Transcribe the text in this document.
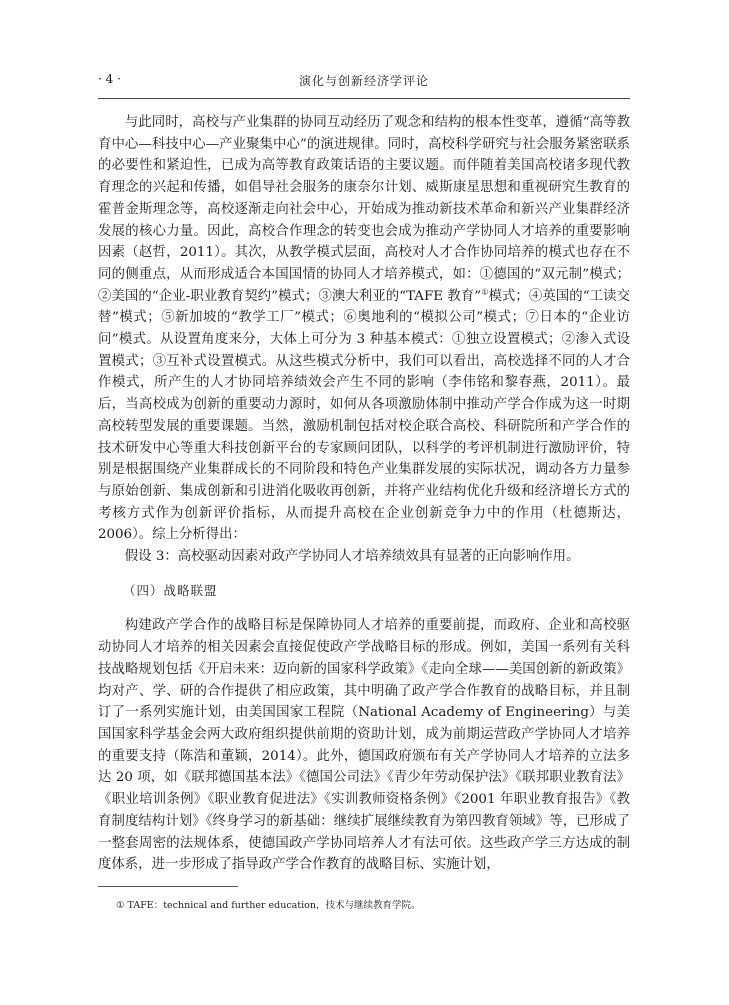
· 4 ·	演化与创新经济学评论

与此同时，高校与产业集群的协同互动经历了观念和结构的根本性变革，遵循“高等教育中心—科技中心—产业聚集中心”的演进规律。同时，高校科学研究与社会服务紧密联系的必要性和紧迫性，已成为高等教育政策话语的主要议题。而伴随着美国高校诸多现代教育理念的兴起和传播，如倡导社会服务的康奈尔计划、威斯康星思想和重视研究生教育的霍普金斯理念等，高校逐渐走向社会中心，开始成为推动新技术革命和新兴产业集群经济发展的核心力量。因此，高校合作理念的转变也会成为推动产学协同人才培养的重要影响因素（赵哲，2011）。其次，从教学模式层面，高校对人才合作协同培养的模式也存在不同的侧重点，从而形成适合本国国情的协同人才培养模式，如：①德国的“双元制”模式；②美国的“企业-职业教育契约”模式；③澳大利亚的“TAFE 教育”①模式；④英国的“工读交替”模式；⑤新加坡的“教学工厂”模式；⑥奥地利的“模拟公司”模式；⑦日本的“企业访问”模式。从设置角度来分，大体上可分为 3 种基本模式：①独立设置模式；②渗入式设置模式；③互补式设置模式。从这些模式分析中，我们可以看出，高校选择不同的人才合作模式，所产生的人才协同培养绩效会产生不同的影响（李伟铭和黎春燕，2011）。最后，当高校成为创新的重要动力源时，如何从各项激励体制中推动产学合作成为这一时期高校转型发展的重要课题。当然，激励机制包括对校企联合高校、科研院所和产学合作的技术研发中心等重大科技创新平台的专家顾问团队，以科学的考评机制进行激励评价，特别是根据围绕产业集群成长的不同阶段和特色产业集群发展的实际状况，调动各方力量参与原始创新、集成创新和引进消化吸收再创新，并将产业结构优化升级和经济增长方式的考核方式作为创新评价指标，从而提升高校在企业创新竞争力中的作用（杜德斯达，2006）。综上分析得出：

假设 3：高校驱动因素对政产学协同人才培养绩效具有显著的正向影响作用。

（四）战略联盟

构建政产学合作的战略目标是保障协同人才培养的重要前提，而政府、企业和高校驱动协同人才培养的相关因素会直接促使政产学战略目标的形成。例如，美国一系列有关科技战略规划包括《开启未来：迈向新的国家科学政策》《走向全球——美国创新的新政策》均对产、学、研的合作提供了相应政策，其中明确了政产学合作教育的战略目标，并且制订了一系列实施计划，由美国国家工程院（National Academy of Engineering）与美国国家科学基金会两大政府组织提供前期的资助计划，成为前期运营政产学协同人才培养的重要支持（陈浩和董颖，2014）。此外，德国政府颁布有关产学协同人才培养的立法多达 20 项，如《联邦德国基本法》《德国公司法》《青少年劳动保护法》《联邦职业教育法》《职业培训条例》《职业教育促进法》《实训教师资格条例》《2001 年职业教育报告》《教育制度结构计划》《终身学习的新基础：继续扩展继续教育为第四教育领域》等，已形成了一整套周密的法规体系，使德国政产学协同培养人才有法可依。这些政产学三方达成的制度体系，进一步形成了指导政产学合作教育的战略目标、实施计划，

① TAFE：technical and further education，技术与继续教育学院。
